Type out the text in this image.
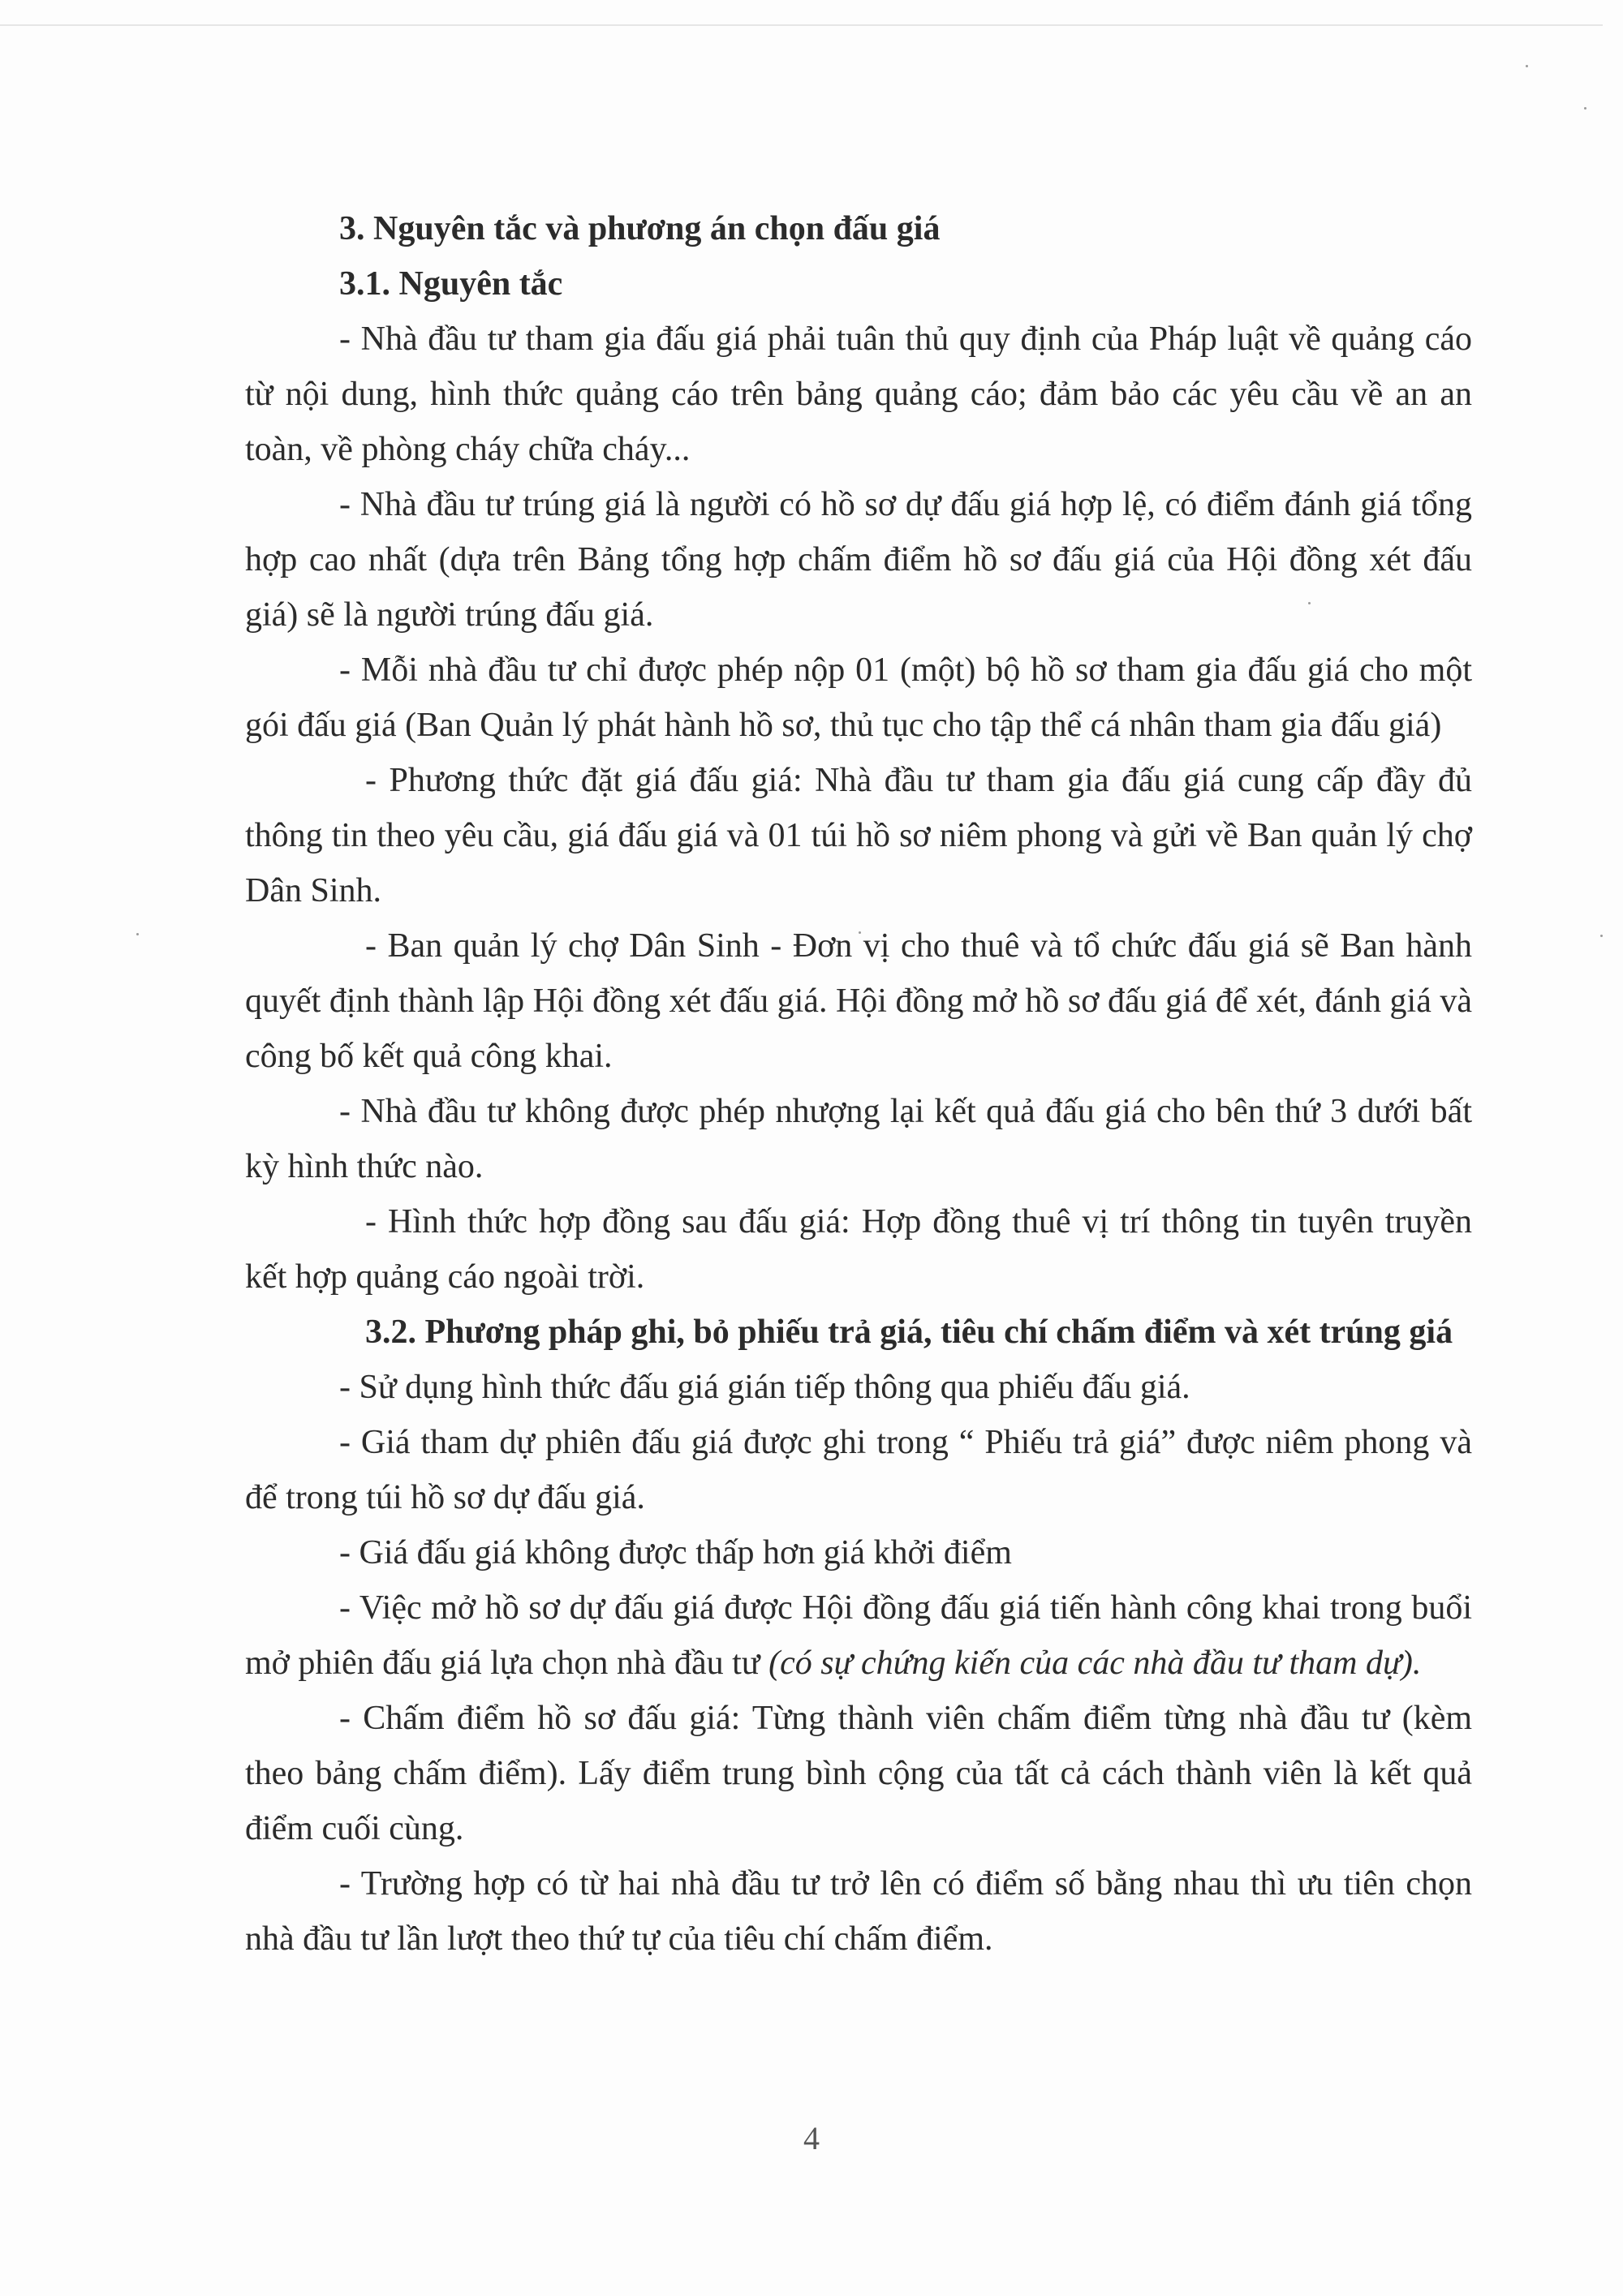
3. Nguyên tắc và phương án chọn đấu giá

3.1. Nguyên tắc

- Nhà đầu tư tham gia đấu giá phải tuân thủ quy định của Pháp luật về quảng cáo từ nội dung, hình thức quảng cáo trên bảng quảng cáo; đảm bảo các yêu cầu về an an toàn, về phòng cháy chữa cháy...

- Nhà đầu tư trúng giá là người có hồ sơ dự đấu giá hợp lệ, có điểm đánh giá tổng hợp cao nhất (dựa trên Bảng tổng hợp chấm điểm hồ sơ đấu giá của Hội đồng xét đấu giá) sẽ là người trúng đấu giá.

- Mỗi nhà đầu tư chỉ được phép nộp 01 (một) bộ hồ sơ tham gia đấu giá cho một gói đấu giá (Ban Quản lý phát hành hồ sơ, thủ tục cho tập thể cá nhân tham gia đấu giá)

- Phương thức đặt giá đấu giá: Nhà đầu tư tham gia đấu giá cung cấp đầy đủ thông tin theo yêu cầu, giá đấu giá và 01 túi hồ sơ niêm phong và gửi về Ban quản lý chợ Dân Sinh.

- Ban quản lý chợ Dân Sinh - Đơn vị cho thuê và tổ chức đấu giá sẽ Ban hành quyết định thành lập Hội đồng xét đấu giá. Hội đồng mở hồ sơ đấu giá để xét, đánh giá và công bố kết quả công khai.

- Nhà đầu tư không được phép nhượng lại kết quả đấu giá cho bên thứ 3 dưới bất kỳ hình thức nào.

- Hình thức hợp đồng sau đấu giá: Hợp đồng thuê vị trí thông tin tuyên truyền kết hợp quảng cáo ngoài trời.

3.2. Phương pháp ghi, bỏ phiếu trả giá, tiêu chí chấm điểm và xét trúng giá

- Sử dụng hình thức đấu giá gián tiếp thông qua phiếu đấu giá.

- Giá tham dự phiên đấu giá được ghi trong “ Phiếu trả giá” được niêm phong và để trong túi hồ sơ dự đấu giá.

- Giá đấu giá không được thấp hơn giá khởi điểm

- Việc mở hồ sơ dự đấu giá được Hội đồng đấu giá tiến hành công khai trong buổi mở phiên đấu giá lựa chọn nhà đầu tư (có sự chứng kiến của các nhà đầu tư tham dự).

- Chấm điểm hồ sơ đấu giá: Từng thành viên chấm điểm từng nhà đầu tư (kèm theo bảng chấm điểm). Lấy điểm trung bình cộng của tất cả cách thành viên là kết quả điểm cuối cùng.

- Trường hợp có từ hai nhà đầu tư trở lên có điểm số bằng nhau thì ưu tiên chọn nhà đầu tư lần lượt theo thứ tự của tiêu chí chấm điểm.

4
